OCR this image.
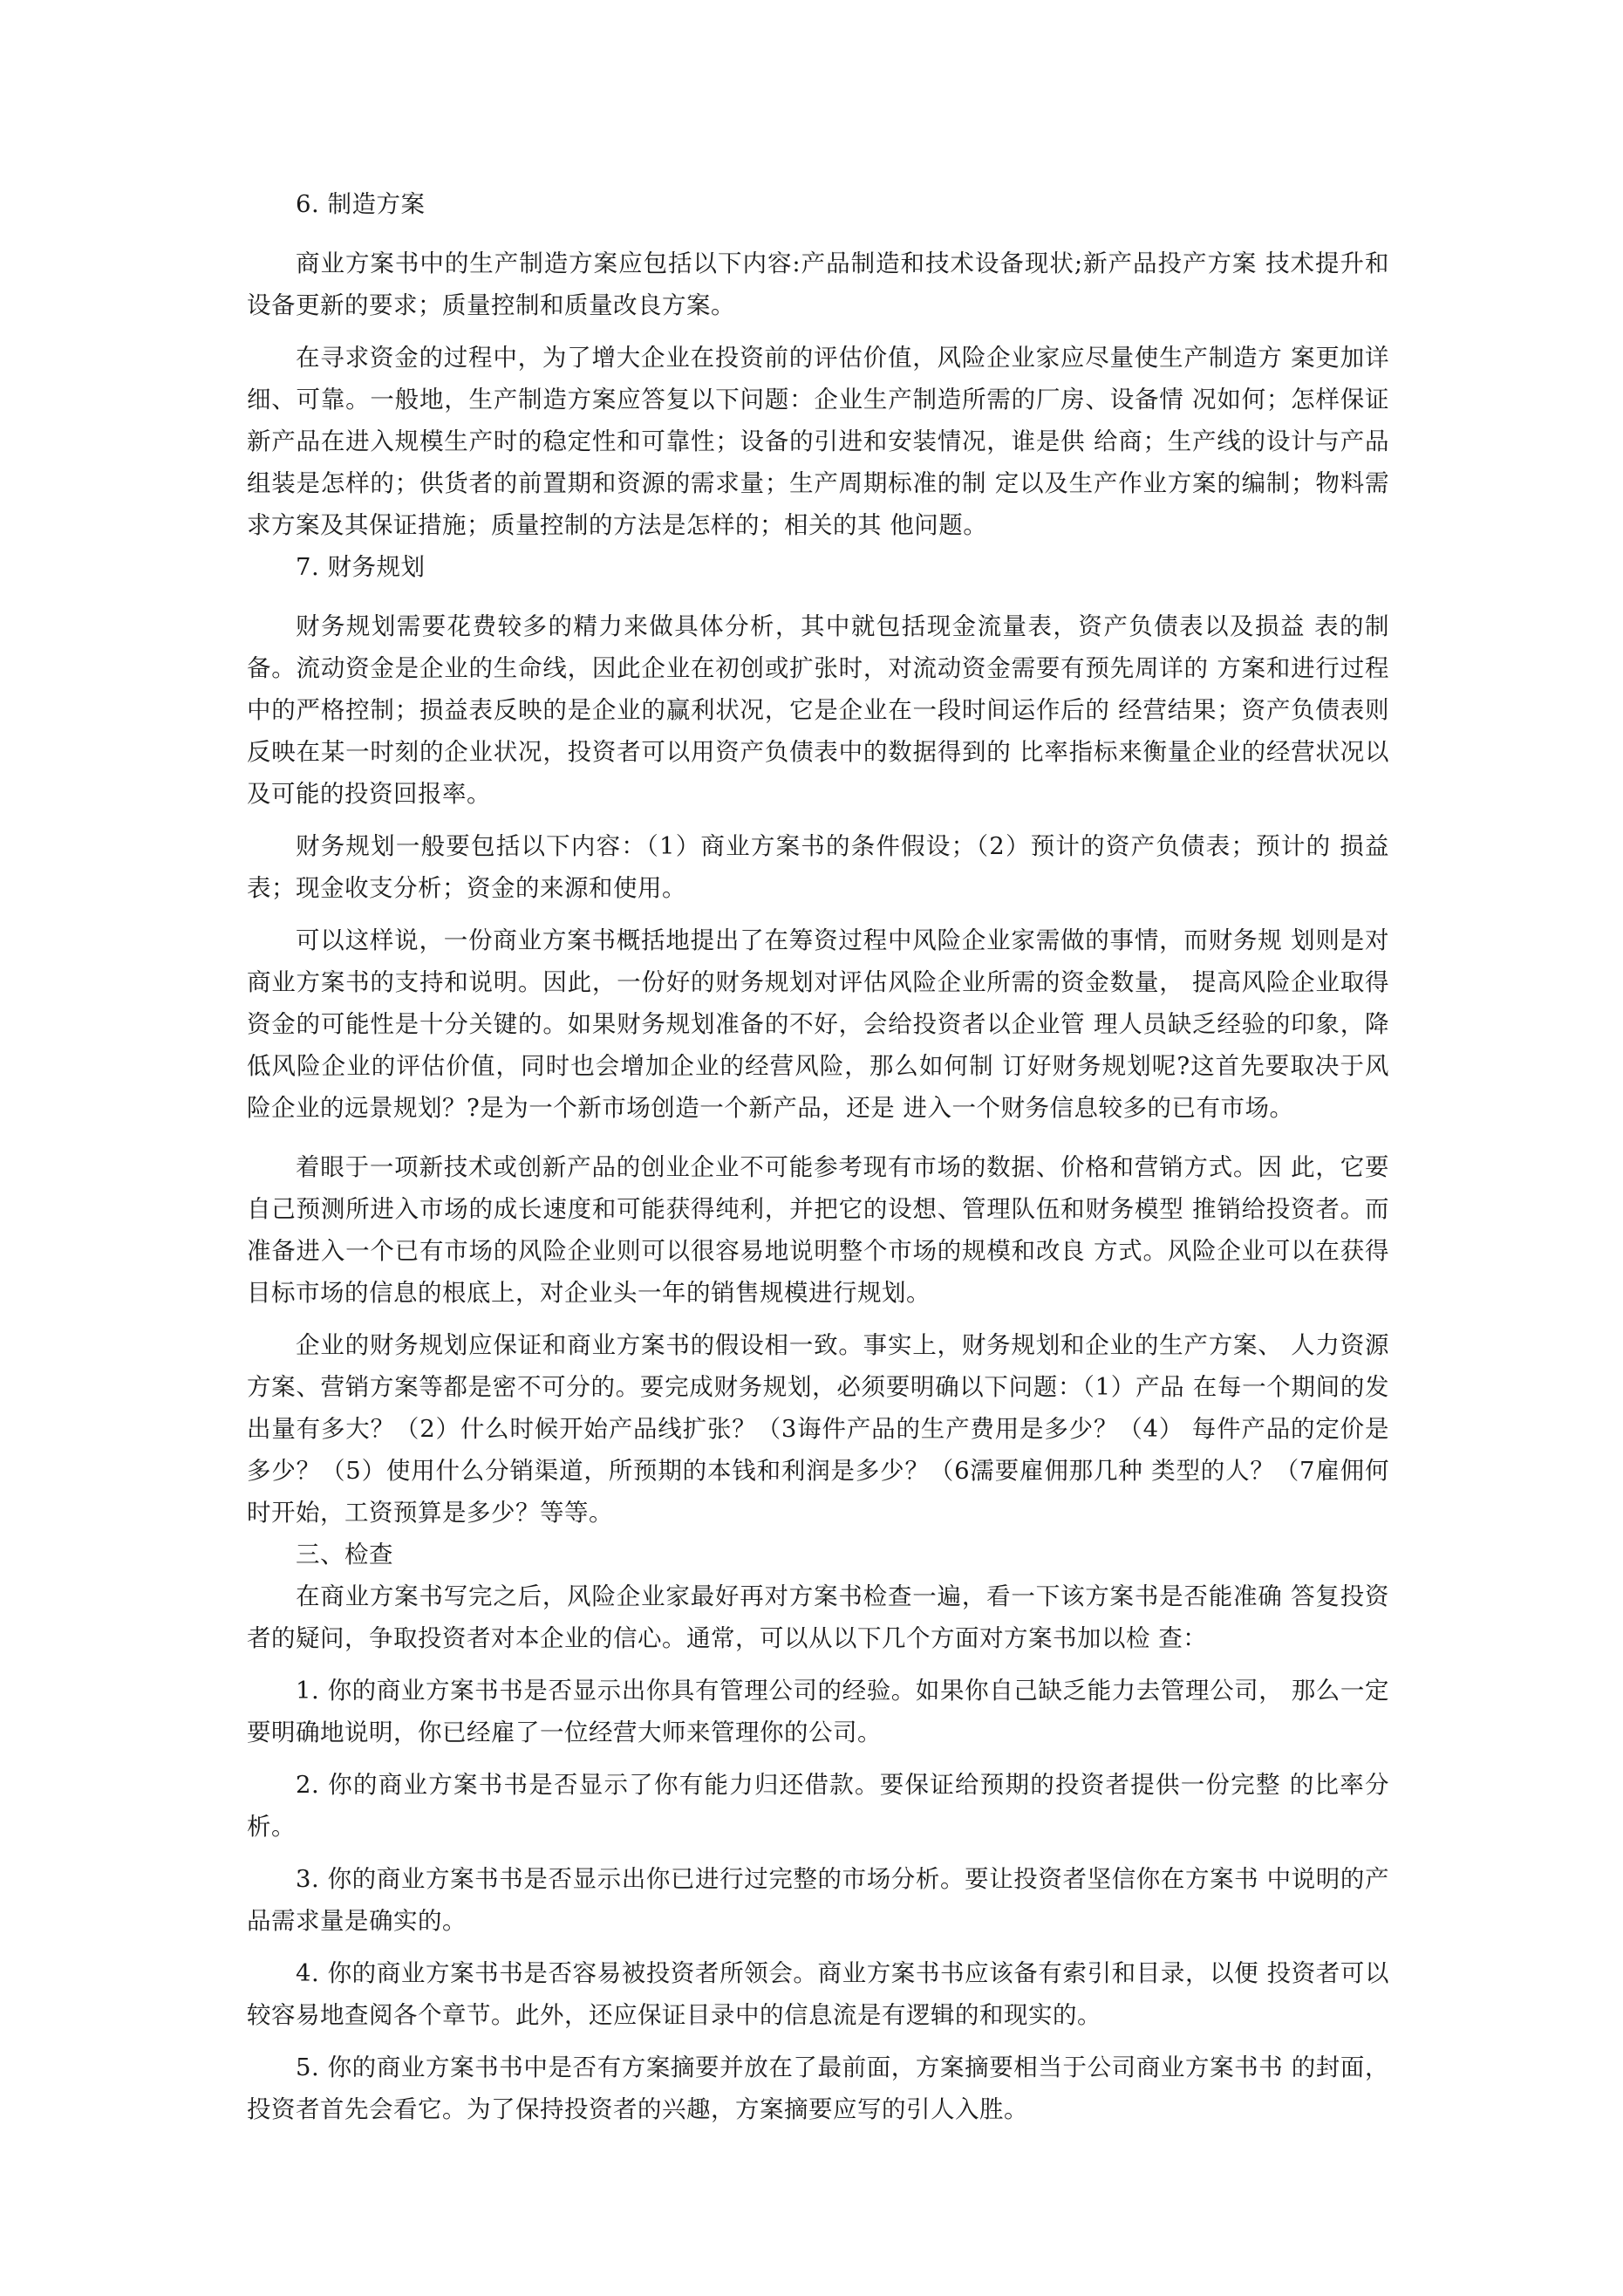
6. 制造方案

商业方案书中的生产制造方案应包括以下内容:产品制造和技术设备现状;新产品投产方案 技术提升和设备更新的要求；质量控制和质量改良方案。

在寻求资金的过程中，为了增大企业在投资前的评估价值，风险企业家应尽量使生产制造方 案更加详细、可靠。一般地，生产制造方案应答复以下问题：企业生产制造所需的厂房、设备情 况如何；怎样保证新产品在进入规模生产时的稳定性和可靠性；设备的引进和安装情况，谁是供 给商；生产线的设计与产品组装是怎样的；供货者的前置期和资源的需求量；生产周期标准的制 定以及生产作业方案的编制；物料需求方案及其保证措施；质量控制的方法是怎样的；相关的其 他问题。

7. 财务规划

财务规划需要花费较多的精力来做具体分析，其中就包括现金流量表，资产负债表以及损益 表的制备。流动资金是企业的生命线，因此企业在初创或扩张时，对流动资金需要有预先周详的 方案和进行过程中的严格控制；损益表反映的是企业的赢利状况，它是企业在一段时间运作后的 经营结果；资产负债表则反映在某一时刻的企业状况，投资者可以用资产负债表中的数据得到的 比率指标来衡量企业的经营状况以及可能的投资回报率。

财务规划一般要包括以下内容：（1）商业方案书的条件假设；（2）预计的资产负债表；预计的 损益表；现金收支分析；资金的来源和使用。

可以这样说，一份商业方案书概括地提出了在筹资过程中风险企业家需做的事情，而财务规 划则是对商业方案书的支持和说明。因此，一份好的财务规划对评估风险企业所需的资金数量， 提高风险企业取得资金的可能性是十分关键的。如果财务规划准备的不好，会给投资者以企业管 理人员缺乏经验的印象，降低风险企业的评估价值，同时也会增加企业的经营风险，那么如何制 订好财务规划呢?这首先要取决于风险企业的远景规划？?是为一个新市场创造一个新产品，还是 进入一个财务信息较多的已有市场。

着眼于一项新技术或创新产品的创业企业不可能参考现有市场的数据、价格和营销方式。因 此，它要自己预测所进入市场的成长速度和可能获得纯利，并把它的设想、管理队伍和财务模型 推销给投资者。而准备进入一个已有市场的风险企业则可以很容易地说明整个市场的规模和改良 方式。风险企业可以在获得目标市场的信息的根底上，对企业头一年的销售规模进行规划。

企业的财务规划应保证和商业方案书的假设相一致。事实上，财务规划和企业的生产方案、 人力资源方案、营销方案等都是密不可分的。要完成财务规划，必须要明确以下问题：（1）产品 在每一个期间的发出量有多大？（2）什么时候开始产品线扩张？（3诲件产品的生产费用是多少？（4） 每件产品的定价是多少？（5）使用什么分销渠道，所预期的本钱和利润是多少？（6濡要雇佣那几种 类型的人？（7雇佣何时开始，工资预算是多少？等等。

三、检查

在商业方案书写完之后，风险企业家最好再对方案书检查一遍，看一下该方案书是否能准确 答复投资者的疑问，争取投资者对本企业的信心。通常，可以从以下几个方面对方案书加以检 查：

1. 你的商业方案书书是否显示出你具有管理公司的经验。如果你自己缺乏能力去管理公司， 那么一定要明确地说明，你已经雇了一位经营大师来管理你的公司。

2. 你的商业方案书书是否显示了你有能力归还借款。要保证给预期的投资者提供一份完整 的比率分析。

3. 你的商业方案书书是否显示出你已进行过完整的市场分析。要让投资者坚信你在方案书 中说明的产品需求量是确实的。

4. 你的商业方案书书是否容易被投资者所领会。商业方案书书应该备有索引和目录，以便 投资者可以较容易地查阅各个章节。此外，还应保证目录中的信息流是有逻辑的和现实的。

5. 你的商业方案书书中是否有方案摘要并放在了最前面，方案摘要相当于公司商业方案书书 的封面，投资者首先会看它。为了保持投资者的兴趣，方案摘要应写的引人入胜。
